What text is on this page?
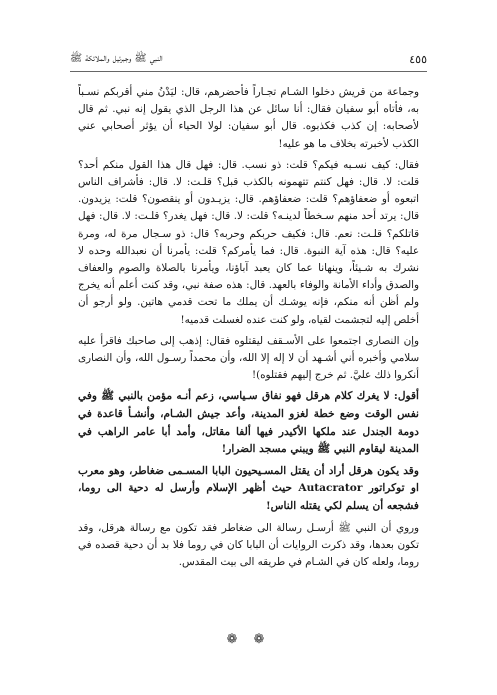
النبي ﷺ وجبرئيل والملائكة ﷺ	٤٥٥

وجماعة من قريش دخلوا الشـام تجـاراً فأحضرهم، قال: ليَدْنُ مني أقربكم نسـباً به، فأتاه أبو سفيان فقال: أنا سائل عن هذا الرجل الذي يقول إنه نبي. ثم قال لأصحابه: إن كذب فكذبوه. قال أبو سفيان: لولا الحياء أن يؤثر أصحابي عني الكذب لأخبرته بخلاف ما هو عليه!

فقال: كيف نسـبه فيكم؟ قلت: ذو نسب. قال: فهل قال هذا القول منكم أحد؟ قلت: لا. قال: فهل كنتم تتهمونه بالكذب قبل؟ قلـت: لا. قال: فأشراف الناس اتبعوه أو ضعفاؤهم؟ قلت: ضعفاؤهم. قال: يزيـدون أو ينقصون؟ قلت: يزيدون. قال: يرتد أحد منهم سـخطاً لدينـه؟ قلت: لا. قال: فهل يغدر؟ قلـت: لا. قال: فهل قاتلكم؟ قلـت: نعم. قال: فكيف حربكم وحربه؟ قال: ذو سـجال مرة له، ومرة عليه؟ قال: هذه آية النبوة. قال: فما يأمركم؟ قلت: يأمرنا أن نعبدالله وحده لا نشرك به شـيئاً، وينهانا عما كان يعبد آباؤنا، ويأمرنا بالصلاة والصوم والعفاف والصدق وأداء الأمانة والوفاء بالعهد. قال: هذه صفة نبي، وقد كنت أعلم أنه يخرج ولم أظن أنه منكم، فإنه يوشـك أن يملك ما تحت قدمي هاتين. ولو أرجو أن أخلص إليه لتجشمت لقياه، ولو كنت عنده لغسلت قدميه!

وإن النصارى اجتمعوا على الأسـقف ليقتلوه فقال: إذهب إلى صاحبك فاقرأ عليه سلامي وأخبره أني أشـهد أن لا إله إلا الله، وأن محمداً رسـول الله، وأن النصارى أنكروا ذلك عليَّ. ثم خرج إليهم فقتلوه)!

أقول: لا يغرك كلام هرقل فهو نفاق سـياسي، زعم أنـه مؤمن بالنبي ﷺ وفي نفس الوقت وضع خطة لغزو المدينة، وأعد جيش الشـام، وأنشـأ قاعدة في دومة الجندل عند ملكها الأكيدر فيها ألفا مقاتل، وأمد أبا عامر الراهب في المدينة ليقاوم النبي ﷺ ويبني مسجد الضرار!

وقد يكون هرقل أراد أن يقتل المسـيحيون البابا المسـمى ضغاطر، وهو معرب او توكراتور Autacrator حيث أظهر الإسلام وأرسل له دحية الى روما، فشجعه أن يسلم لكي يقتله الناس!

وروي أن النبي ﷺ أرسـل رسالة الى ضغاطر فقد تكون مع رسالة هرقل، وقد تكون بعدها، وقد ذكرت الروايات أن البابا كان في روما فلا بد أن دحية قصده في روما، ولعله كان في الشـام في طريقه الى بيت المقدس.

❁ ❁
